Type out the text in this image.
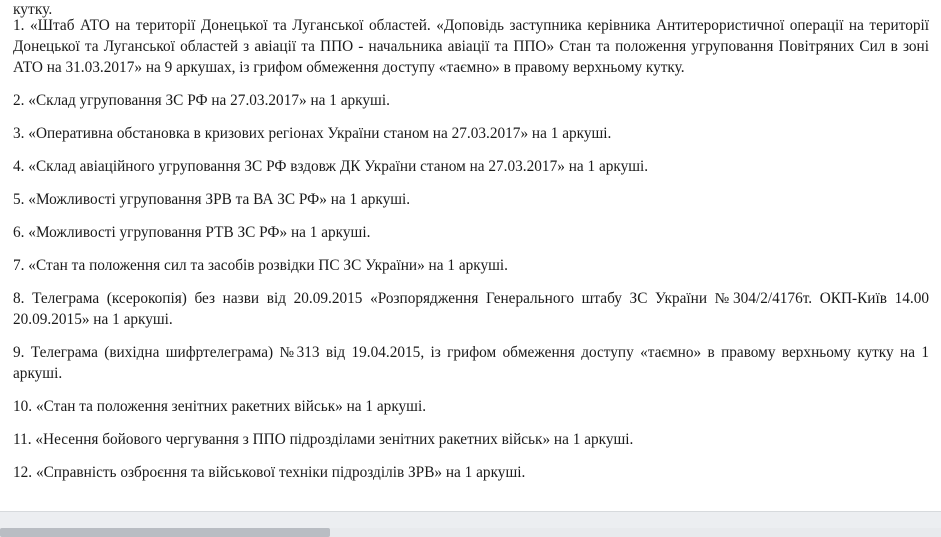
кутку.

1. «Штаб АТО на території Донецької та Луганської областей. «Доповідь заступника керівника Антитерористичної операції на території Донецької та Луганської областей з авіації та ППО - начальника авіації та ППО» Стан та положення угруповання Повітряних Сил в зоні АТО на 31.03.2017» на 9 аркушах, із грифом обмеження доступу «таємно» в правому верхньому кутку.

2. «Склад угруповання ЗС РФ на 27.03.2017» на 1 аркуші.

3. «Оперативна обстановка в кризових регіонах України станом на 27.03.2017» на 1 аркуші.

4. «Склад авіаційного угруповання ЗС РФ вздовж ДК України станом на 27.03.2017» на 1 аркуші.

5. «Можливості угруповання ЗРВ та ВА ЗС РФ» на 1 аркуші.

6. «Можливості угруповання РТВ ЗС РФ» на 1 аркуші.

7. «Стан та положення сил та засобів розвідки ПС ЗС України» на 1 аркуші.

8. Телеграма (ксерокопія) без назви від 20.09.2015 «Розпорядження Генерального штабу ЗС України №304/2/4176т. ОКП-Київ 14.00 20.09.2015» на 1 аркуші.

9. Телеграма (вихідна шифртелеграма) №313 від 19.04.2015, із грифом обмеження доступу «таємно» в правому верхньому кутку на 1 аркуші.

10. «Стан та положення зенітних ракетних військ» на 1 аркуші.

11. «Несення бойового чергування з ППО підрозділами зенітних ракетних військ» на 1 аркуші.

12. «Справність озброєння та військової техніки підрозділів ЗРВ» на 1 аркуші.
